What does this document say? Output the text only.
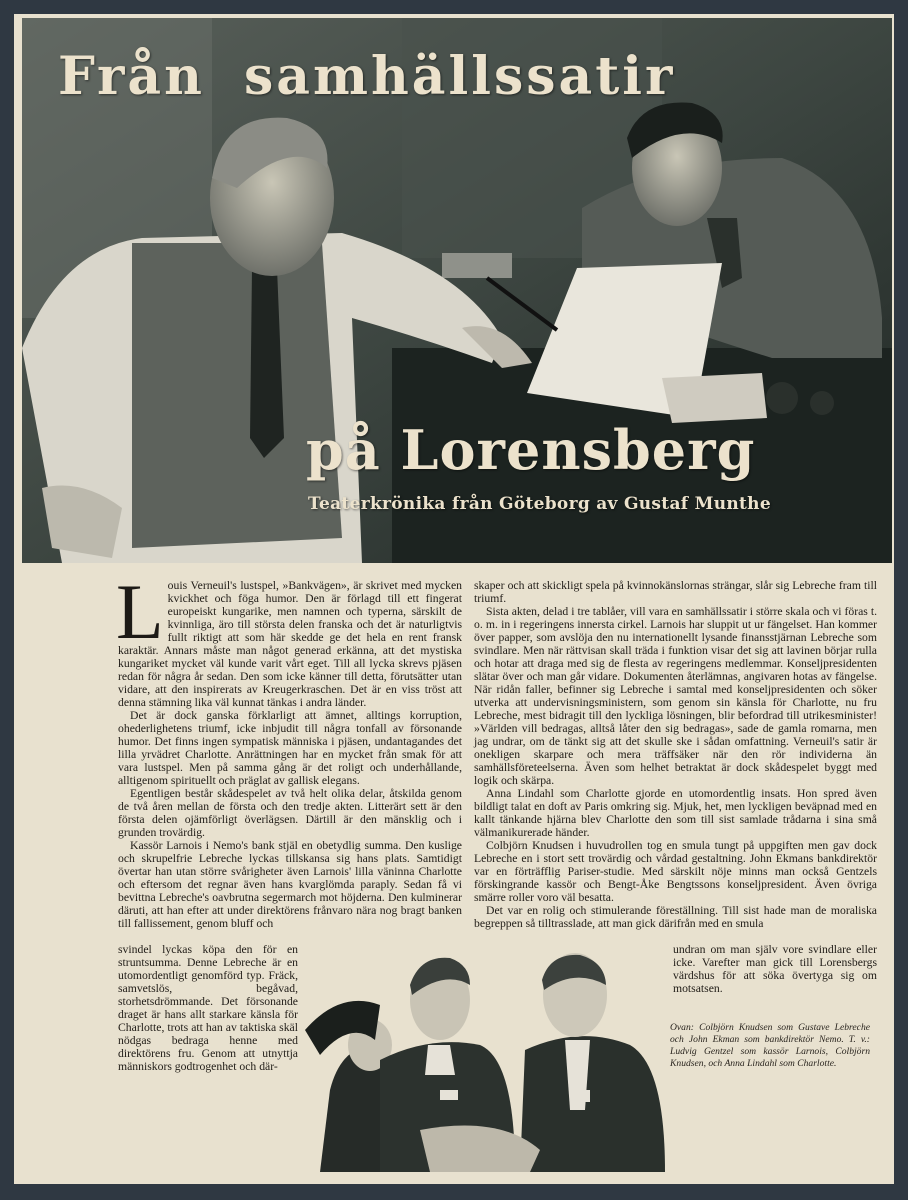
Från samhällssatir
på Lorensberg
Teaterkrönika från Göteborg av Gustaf Munthe

Louis Verneuil's lustspel, »Bankvägen», är skrivet med mycken kvickhet och föga humor. Den är förlagd till ett fingerat europeiskt kungarike, men namnen och typerna, särskilt de kvinnliga, äro till största delen franska och det är naturligtvis fullt riktigt att som här skedde ge det hela en rent fransk karaktär. Annars måste man något generad erkänna, att det mystiska kungariket mycket väl kunde varit vårt eget. Till all lycka skrevs pjäsen redan för några år sedan. Den som icke känner till detta, förutsätter utan vidare, att den inspirerats av Kreugerkraschen. Det är en viss tröst att denna stämning lika väl kunnat tänkas i andra länder.

Det är dock ganska förklarligt att ämnet, alltings korruption, ohederlighetens triumf, icke inbjudit till några tonfall av försonande humor. Det finns ingen sympatisk människa i pjäsen, undantagandes det lilla yrvädret Charlotte. Anrättningen har en mycket från smak för att vara lustspel. Men på samma gång är det roligt och underhållande, alltigenom spirituellt och präglat av gallisk elegans.

Egentligen består skådespelet av två helt olika delar, åtskilda genom de två åren mellan de första och den tredje akten. Litterärt sett är den första delen ojämförligt överlägsen. Därtill är den mänsklig och i grunden trovärdig.

Kassör Larnois i Nemo's bank stjäl en obetydlig summa. Den kuslige och skrupelfrie Lebreche lyckas tillskansa sig hans plats. Samtidigt övertar han utan större svårigheter även Larnois' lilla väninna Charlotte och eftersom det regnar även hans kvarglömda paraply. Sedan få vi bevittna Lebreche's oavbrutna segermarch mot höjderna. Den kulminerar däruti, att han efter att under direktörens frånvaro nära nog bragt banken till fallissement, genom bluff och

svindel lyckas köpa den för en struntsumma. Denne Lebreche är en utomordentligt genomförd typ. Fräck, samvetslös, begåvad, storhetsdrömmande. Det försonande draget är hans allt starkare känsla för Charlotte, trots att han av taktiska skäl nödgas bedraga henne med direktörens fru. Genom att utnyttja människors godtrogenhet och där-

skaper och att skickligt spela på kvinnokänslornas strängar, slår sig Lebreche fram till triumf.

Sista akten, delad i tre tablåer, vill vara en samhällssatir i större skala och vi föras t. o. m. in i regeringens innersta cirkel. Larnois har sluppit ut ur fängelset. Han kommer över papper, som avslöja den nu internationellt lysande finansstjärnan Lebreche som svindlare. Men när rättvisan skall träda i funktion visar det sig att lavinen börjar rulla och hotar att draga med sig de flesta av regeringens medlemmar. Konseljpresidenten slätar över och man går vidare. Dokumenten återlämnas, angivaren hotas av fängelse. När ridån faller, befinner sig Lebreche i samtal med konseljpresidenten och söker utverka att undervisningsministern, som genom sin känsla för Charlotte, nu fru Lebreche, mest bidragit till den lyckliga lösningen, blir befordrad till utrikesminister! »Världen vill bedragas, alltså låter den sig bedragas», sade de gamla romarna, men jag undrar, om de tänkt sig att det skulle ske i sådan omfattning. Verneuil's satir är onekligen skarpare och mera träffsäker när den rör individerna än samhällsföreteelserna. Även som helhet betraktat är dock skådespelet byggt med logik och skärpa.

Anna Lindahl som Charlotte gjorde en utomordentlig insats. Hon spred även bildligt talat en doft av Paris omkring sig. Mjuk, het, men lyckligen beväpnad med en kallt tänkande hjärna blev Charlotte den som till sist samlade trådarna i sina små välmanikurerade händer.

Colbjörn Knudsen i huvudrollen tog en smula tungt på uppgiften men gav dock Lebreche en i stort sett trovärdig och vårdad gestaltning. John Ekmans bankdirektör var en förträfflig Pariser-studie. Med särskilt nöje minns man också Gentzels förskingrande kassör och Bengt-Åke Bengtssons konseljpresident. Även övriga smärre roller voro väl besatta.

Det var en rolig och stimulerande föreställning. Till sist hade man de moraliska begreppen så tilltrasslade, att man gick därifrån med en smula

undran om man själv vore svindlare eller icke. Varefter man gick till Lorensbergs värdshus för att söka övertyga sig om motsatsen.

Ovan: Colbjörn Knudsen som Gustave Lebreche och John Ekman som bankdirektör Nemo. T. v.: Ludvig Gentzel som kassör Larnois, Colbjörn Knudsen, och Anna Lindahl som Charlotte.
